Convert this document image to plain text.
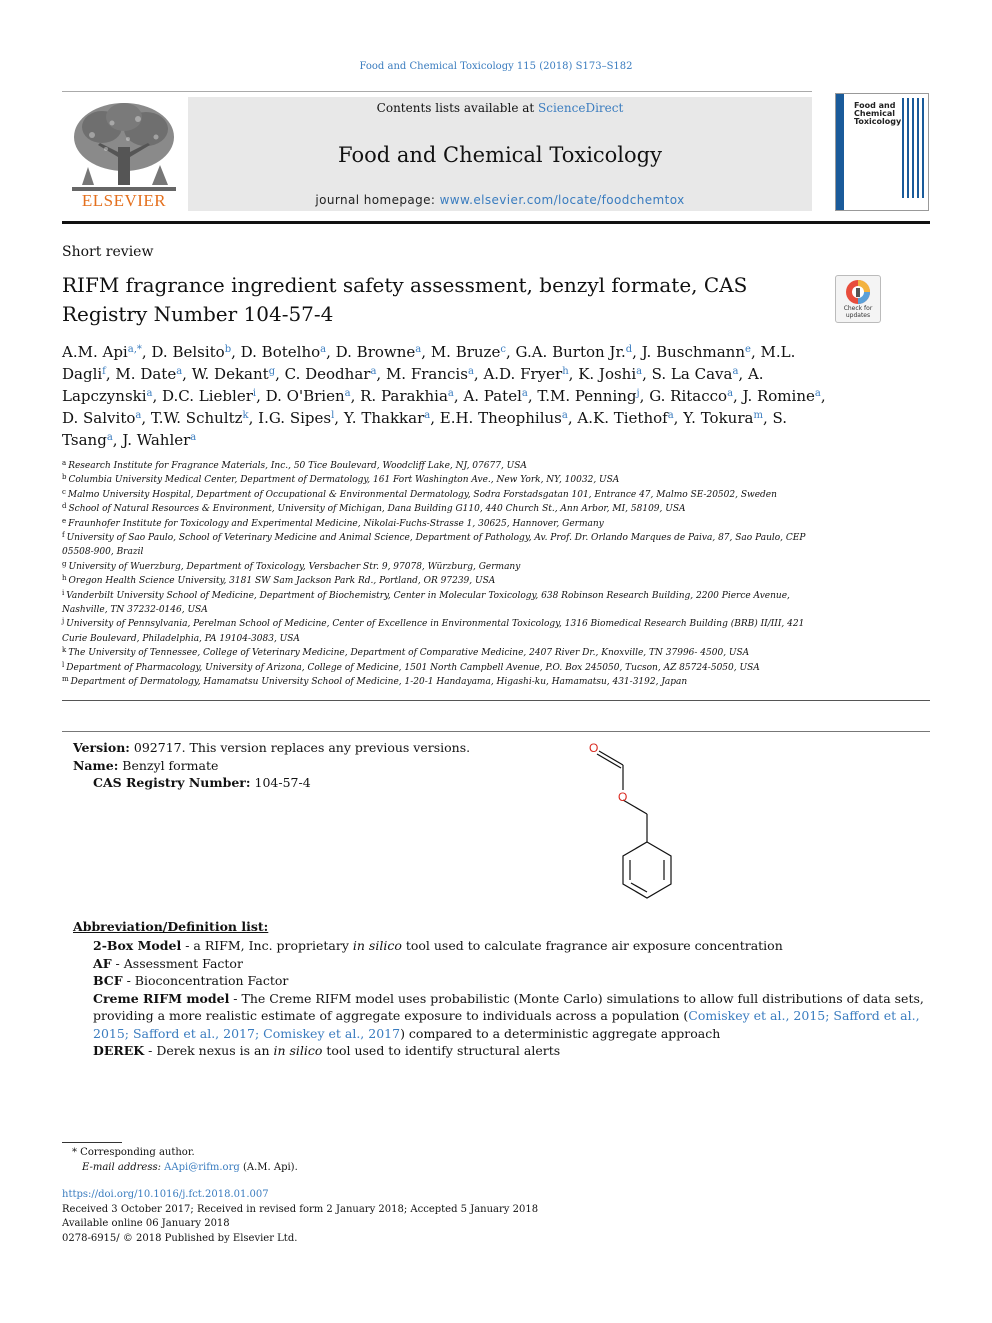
Food and Chemical Toxicology 115 (2018) S173–S182
ELSEVIER
Contents lists available at ScienceDirect
Food and Chemical Toxicology
journal homepage: www.elsevier.com/locate/foodchemtox
Food and Chemical Toxicology
Short review
RIFM fragrance ingredient safety assessment, benzyl formate, CAS Registry Number 104-57-4	Check for updates
A.M. Api$^{a,*}$, D. Belsito$^b$, D. Botelho$^a$, D. Browne$^a$, M. Bruze$^c$, G.A. Burton Jr.$^d$, J. Buschmann$^e$, M.L. Dagli$^f$, M. Date$^a$, W. Dekant$^g$, C. Deodhar$^a$, M. Francis$^a$, A.D. Fryer$^h$, K. Joshi$^a$, S. La Cava$^a$, A. Lapczynski$^a$, D.C. Liebler$^i$, D. O'Brien$^a$, R. Parakhia$^a$, A. Patel$^a$, T.M. Penning$^j$, G. Ritacco$^a$, J. Romine$^a$, D. Salvito$^a$, T.W. Schultz$^k$, I.G. Sipes$^l$, Y. Thakkar$^a$, E.H. Theophilus$^a$, A.K. Tiethof$^a$, Y. Tokura$^m$, S. Tsang$^a$, J. Wahler$^a$
$^a$ Research Institute for Fragrance Materials, Inc., 50 Tice Boulevard, Woodcliff Lake, NJ, 07677, USA
$^b$ Columbia University Medical Center, Department of Dermatology, 161 Fort Washington Ave., New York, NY, 10032, USA
$^c$ Malmo University Hospital, Department of Occupational & Environmental Dermatology, Sodra Forstadsgatan 101, Entrance 47, Malmo SE-20502, Sweden
$^d$ School of Natural Resources & Environment, University of Michigan, Dana Building G110, 440 Church St., Ann Arbor, MI, 58109, USA
$^e$ Fraunhofer Institute for Toxicology and Experimental Medicine, Nikolai-Fuchs-Strasse 1, 30625, Hannover, Germany
$^f$ University of Sao Paulo, School of Veterinary Medicine and Animal Science, Department of Pathology, Av. Prof. Dr. Orlando Marques de Paiva, 87, Sao Paulo, CEP 05508-900, Brazil
$^g$ University of Wuerzburg, Department of Toxicology, Versbacher Str. 9, 97078, Würzburg, Germany
$^h$ Oregon Health Science University, 3181 SW Sam Jackson Park Rd., Portland, OR 97239, USA
$^i$ Vanderbilt University School of Medicine, Department of Biochemistry, Center in Molecular Toxicology, 638 Robinson Research Building, 2200 Pierce Avenue, Nashville, TN 37232-0146, USA
$^j$ University of Pennsylvania, Perelman School of Medicine, Center of Excellence in Environmental Toxicology, 1316 Biomedical Research Building (BRB) II/III, 421 Curie Boulevard, Philadelphia, PA 19104-3083, USA
$^k$ The University of Tennessee, College of Veterinary Medicine, Department of Comparative Medicine, 2407 River Dr., Knoxville, TN 37996- 4500, USA
$^l$ Department of Pharmacology, University of Arizona, College of Medicine, 1501 North Campbell Avenue, P.O. Box 245050, Tucson, AZ 85724-5050, USA
$^m$ Department of Dermatology, Hamamatsu University School of Medicine, 1-20-1 Handayama, Higashi-ku, Hamamatsu, 431-3192, Japan
Version: 092717. This version replaces any previous versions.
Name: Benzyl formate
CAS Registry Number: 104-57-4
O
O
Abbreviation/Definition list:
2-Box Model - a RIFM, Inc. proprietary in silico tool used to calculate fragrance air exposure concentration
AF - Assessment Factor
BCF - Bioconcentration Factor
Creme RIFM model - The Creme RIFM model uses probabilistic (Monte Carlo) simulations to allow full distributions of data sets, providing a more realistic estimate of aggregate exposure to individuals across a population (Comiskey et al., 2015; Safford et al., 2015; Safford et al., 2017; Comiskey et al., 2017) compared to a deterministic aggregate approach
DEREK - Derek nexus is an in silico tool used to identify structural alerts
* Corresponding author.
E-mail address: AApi@rifm.org (A.M. Api).
https://doi.org/10.1016/j.fct.2018.01.007
Received 3 October 2017; Received in revised form 2 January 2018; Accepted 5 January 2018
Available online 06 January 2018
0278-6915/ © 2018 Published by Elsevier Ltd.
